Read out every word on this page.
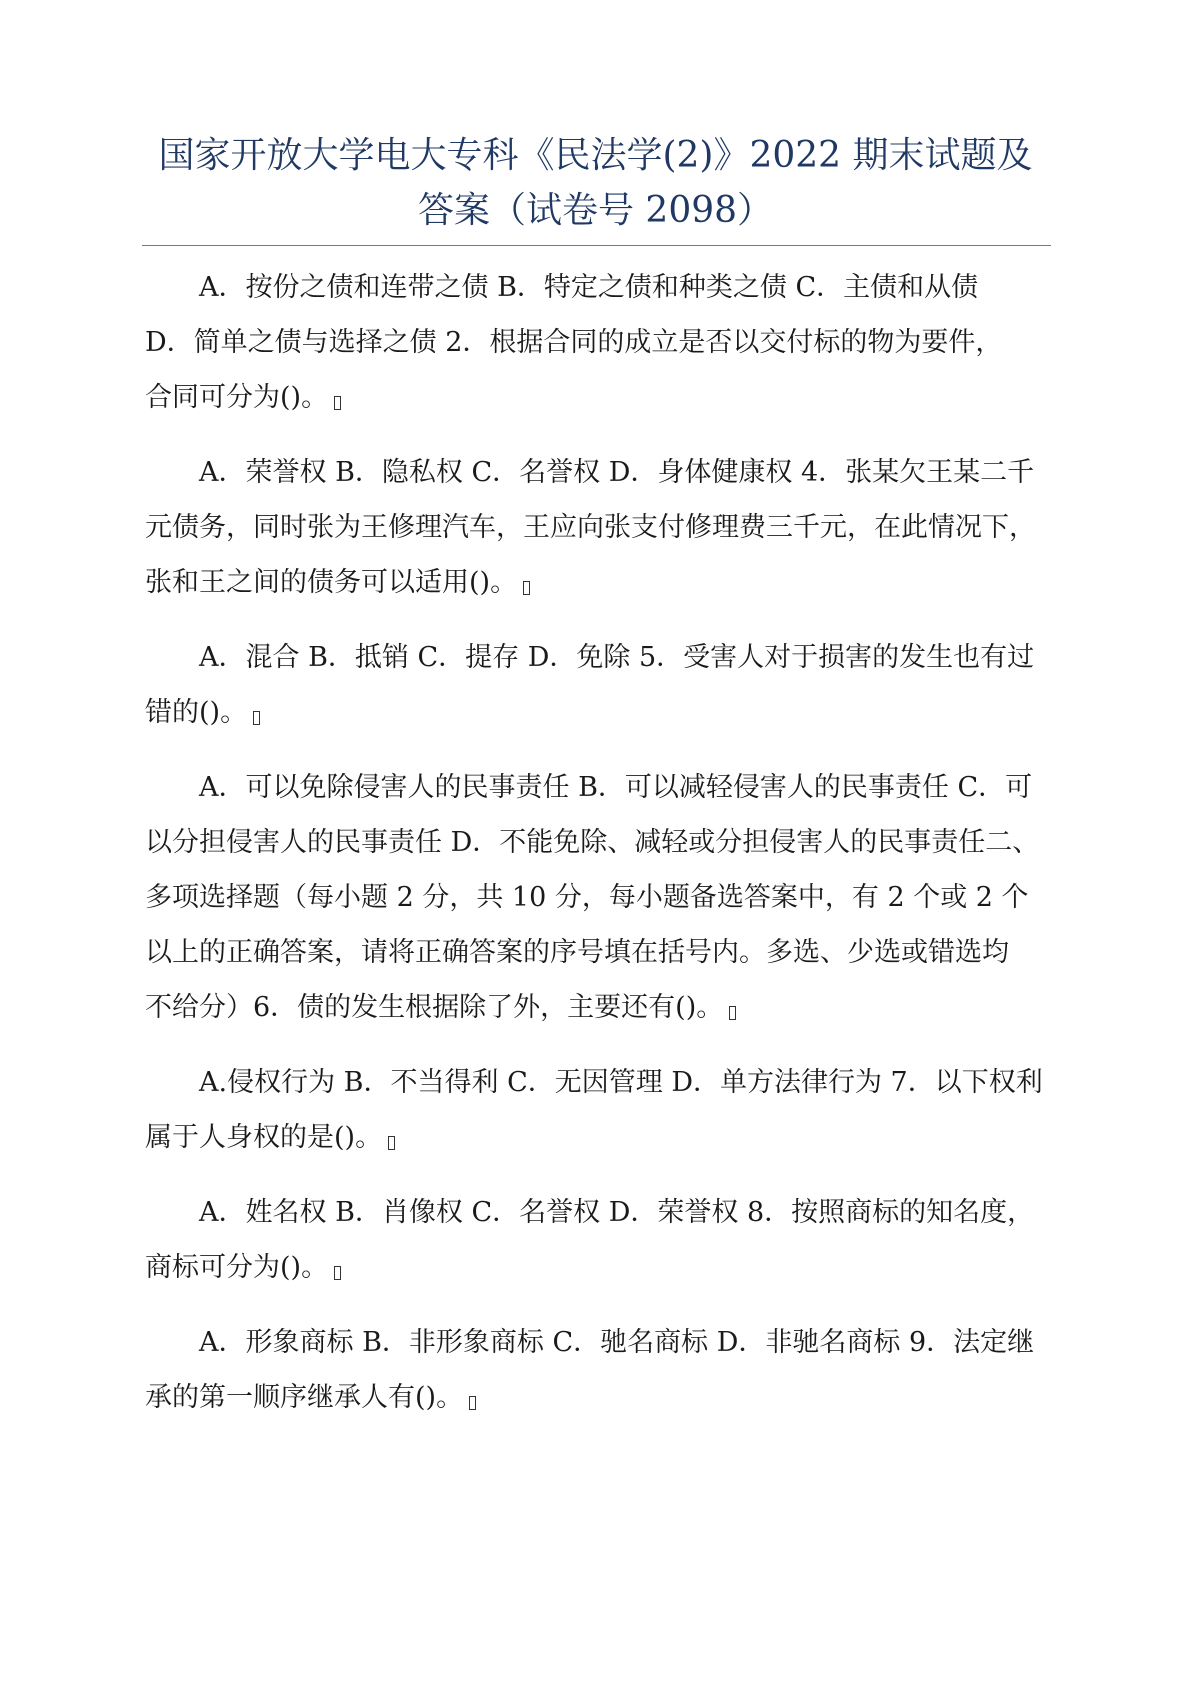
国家开放大学电大专科《民法学(2)》2022 期末试题及
答案（试卷号 2098）

A．按份之债和连带之债 B．特定之债和种类之债 C．主债和从债
D．简单之债与选择之债 2．根据合同的成立是否以交付标的物为要件，
合同可分为()。

A．荣誉权 B．隐私权 C．名誉权 D．身体健康权 4．张某欠王某二千
元债务，同时张为王修理汽车，王应向张支付修理费三千元，在此情况下，
张和王之间的债务可以适用()。

A．混合 B．抵销 C．提存 D．免除 5．受害人对于损害的发生也有过
错的()。

A．可以免除侵害人的民事责任 B．可以减轻侵害人的民事责任 C．可
以分担侵害人的民事责任 D．不能免除、减轻或分担侵害人的民事责任二、
多项选择题（每小题 2 分，共 10 分，每小题备选答案中，有 2 个或 2 个
以上的正确答案，请将正确答案的序号填在括号内。多选、少选或错选均
不给分）6．债的发生根据除了外，主要还有()。

A.侵权行为 B．不当得利 C．无因管理 D．单方法律行为 7．以下权利
属于人身权的是()。

A．姓名权 B．肖像权 C．名誉权 D．荣誉权 8．按照商标的知名度，
商标可分为()。

A．形象商标 B．非形象商标 C．驰名商标 D．非驰名商标 9．法定继
承的第一顺序继承人有()。
